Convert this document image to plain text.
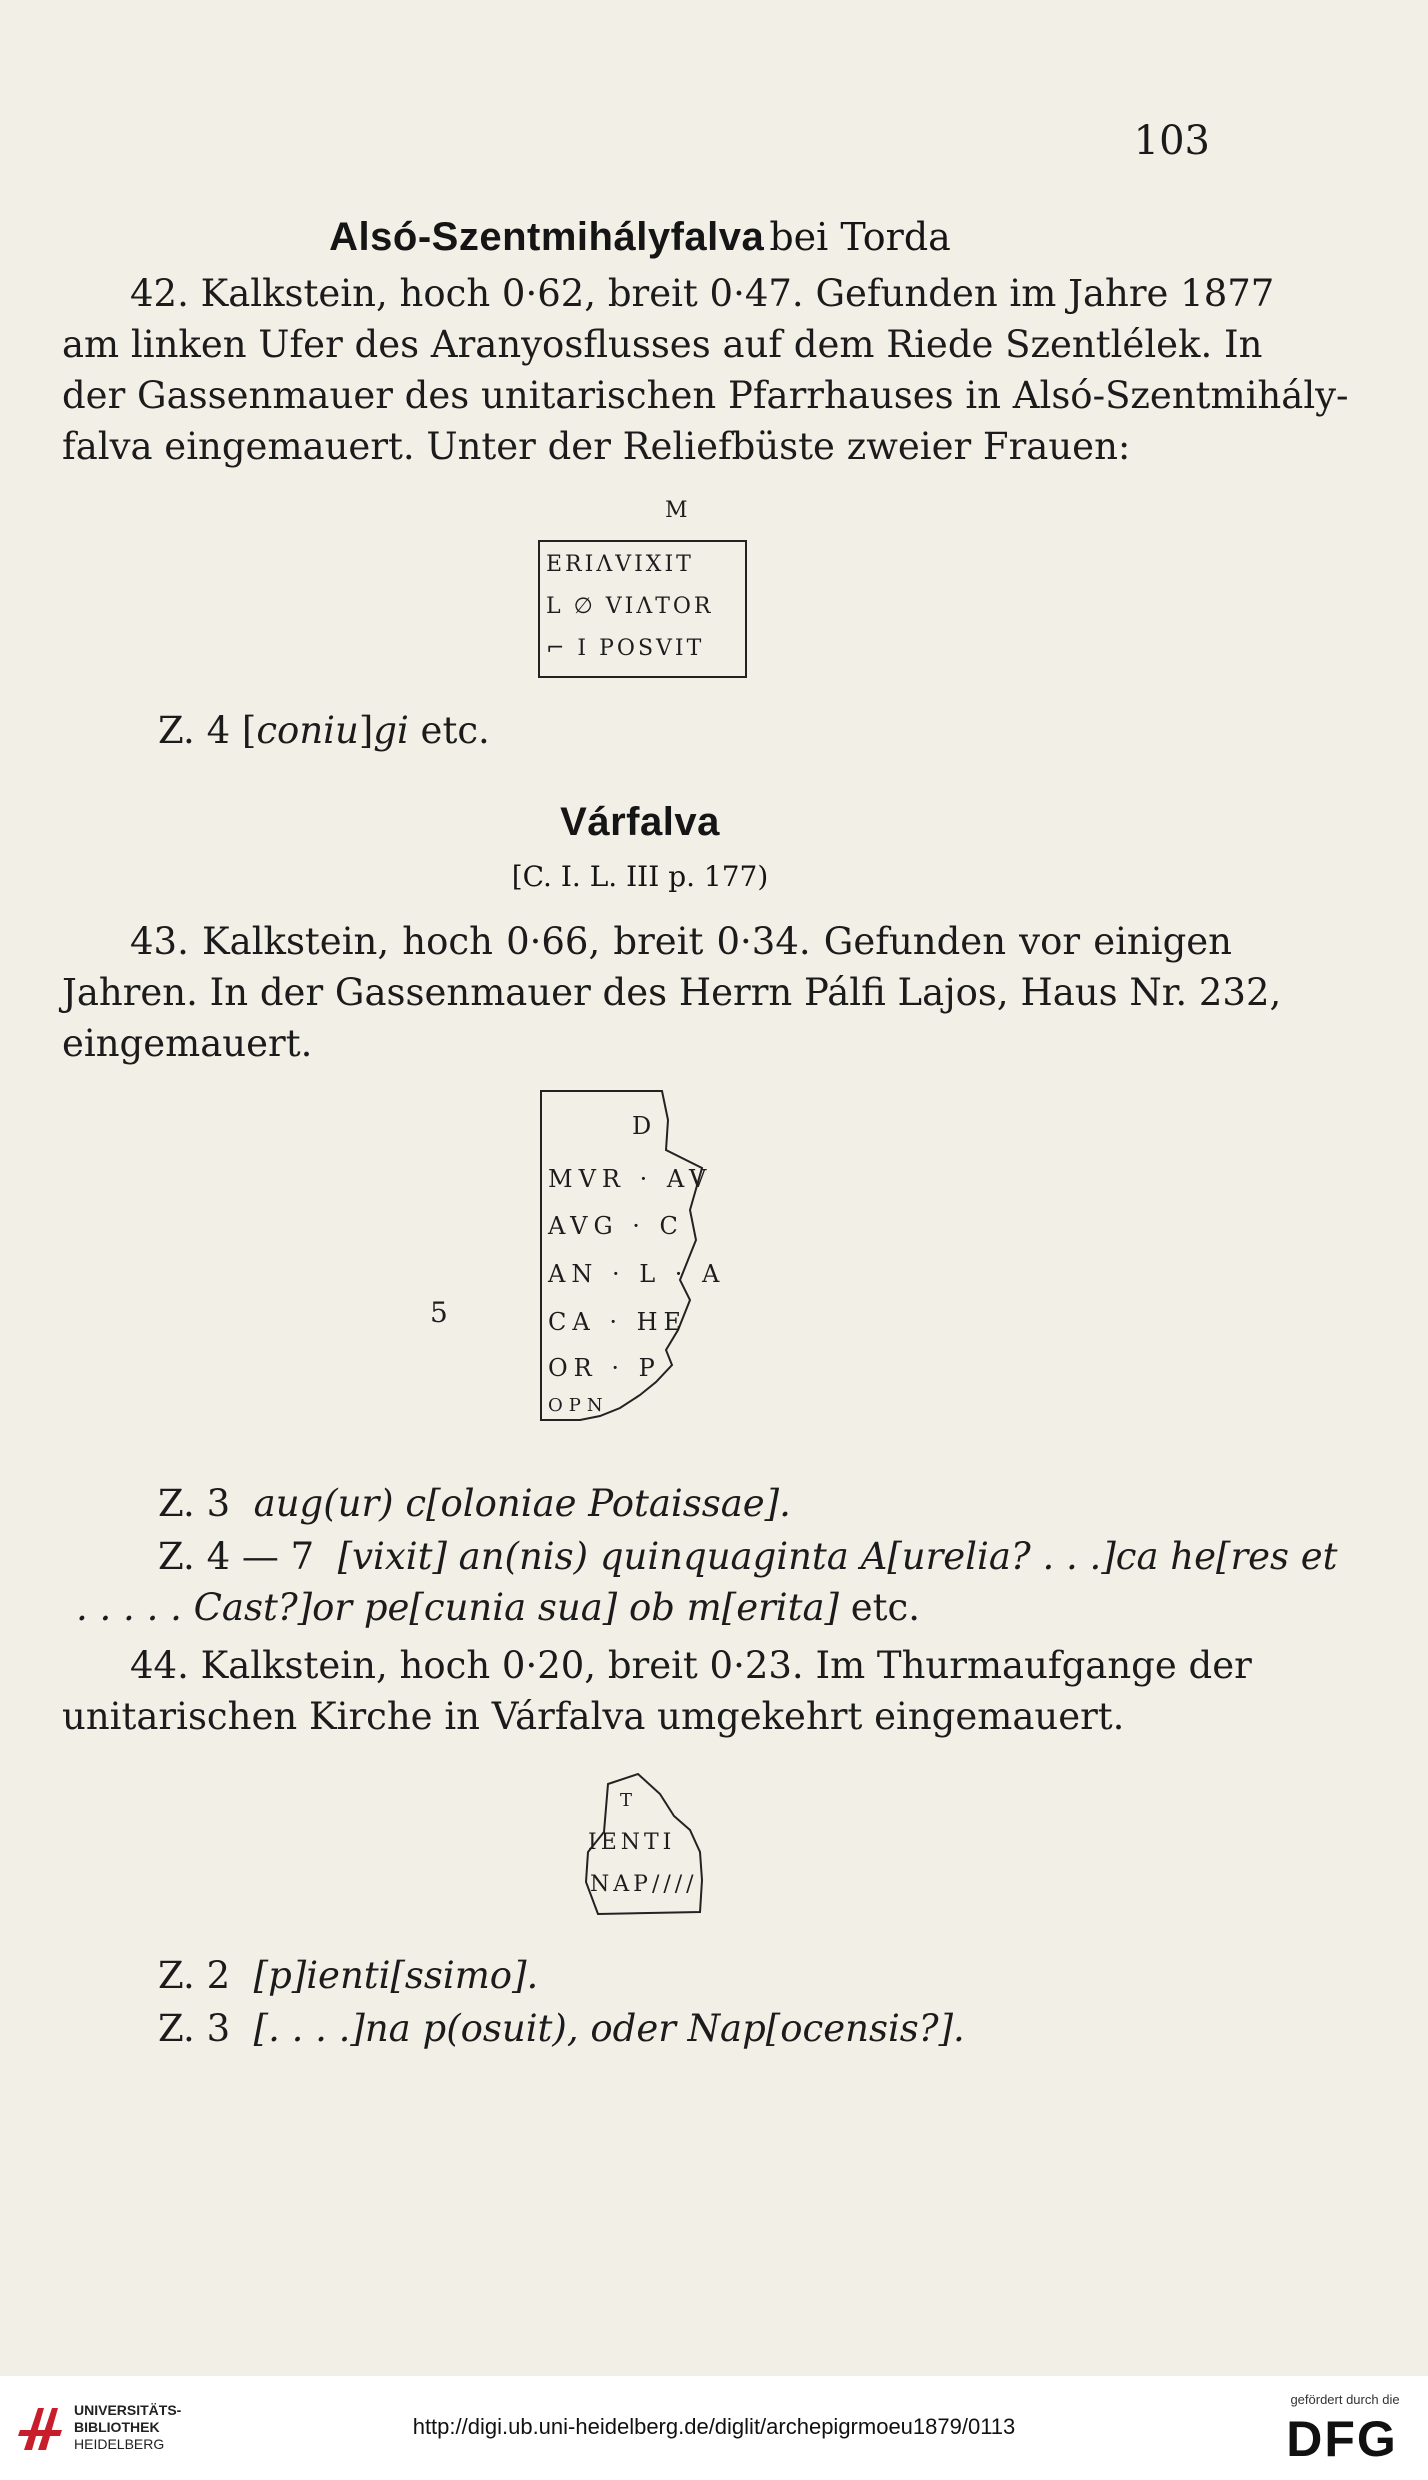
103
Alsó-Szentmihályfalva bei Torda
42. Kalkstein, hoch 0·62, breit 0·47. Gefunden im Jahre 1877
am linken Ufer des Aranyosflusses auf dem Riede Szentlélek. In
der Gassenmauer des unitarischen Pfarrhauses in Alsó-Szentmihály-
falva eingemauert. Unter der Reliefbüste zweier Frauen:
M
ERIΛVIXIT
L ∅ VIΛTOR
⌐ I POSVIT
Z. 4 [coniu]gi etc.
Várfalva
[C. I. L. III p. 177)
43. Kalkstein, hoch 0·66, breit 0·34. Gefunden vor einigen
Jahren. In der Gassenmauer des Herrn Pálfi Lajos, Haus Nr. 232,
eingemauert.
D
MVR · AV
AVG · C
AN · L · A
CA · HE
OR · P
OPN
5
Z. 3 aug(ur) c[oloniae Potaissae].
Z. 4 — 7 [vixit] an(nis) quinquaginta A[urelia? . . .]ca he[res et
. . . . . Cast?]or pe[cunia sua] ob m[erita] etc.
44. Kalkstein, hoch 0·20, breit 0·23. Im Thurmaufgange der
unitarischen Kirche in Várfalva umgekehrt eingemauert.
T
IENTI
NAP////
Z. 2 [p]ienti[ssimo].
Z. 3 [. . . .]na p(osuit), oder Nap[ocensis?].
UNIVERSITÄTS-
BIBLIOTHEK
HEIDELBERG
http://digi.ub.uni-heidelberg.de/diglit/archepigrmoeu1879/0113
gefördert durch die
DFG
